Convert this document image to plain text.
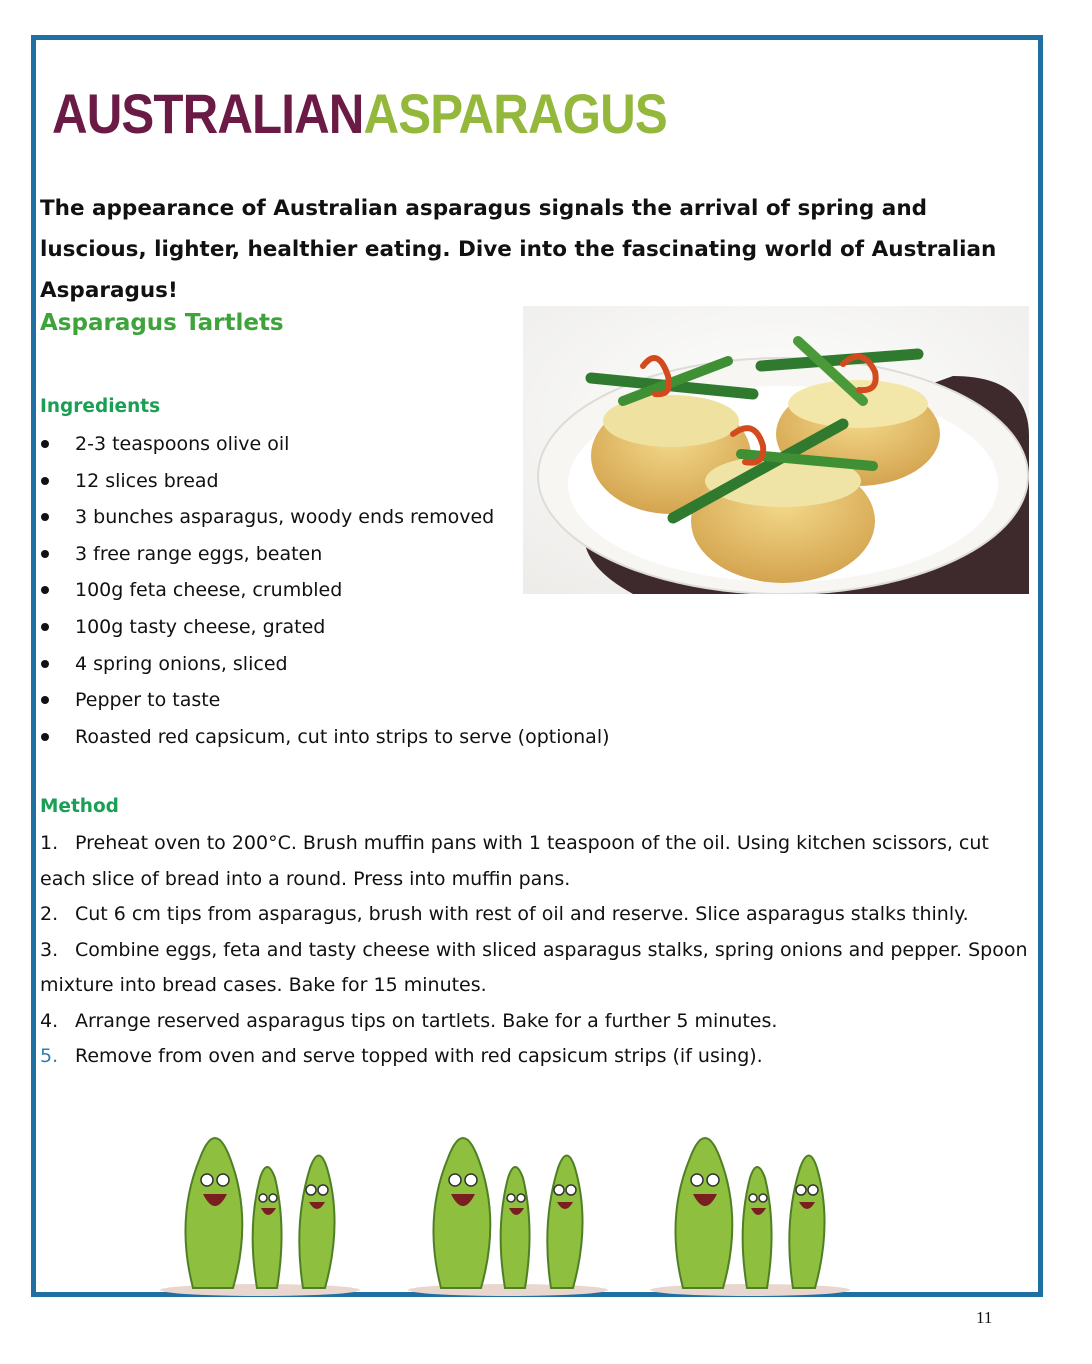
AUSTRALIANASPARAGUS
The appearance of Australian asparagus signals the arrival of spring and luscious, lighter, healthier eating. Dive into the fascinating world of Australian Asparagus!
Asparagus Tartlets
Ingredients
2-3 teaspoons olive oil
12 slices bread
3 bunches asparagus, woody ends removed
3 free range eggs, beaten
100g feta cheese, crumbled
100g tasty cheese, grated
4 spring onions, sliced
Pepper to taste
Roasted red capsicum, cut into strips to serve (optional)
Method
1. Preheat oven to 200°C. Brush muffin pans with 1 teaspoon of the oil. Using kitchen scissors, cut each slice of bread into a round. Press into muffin pans.
2. Cut 6 cm tips from asparagus, brush with rest of oil and reserve. Slice asparagus stalks thinly.
3. Combine eggs, feta and tasty cheese with sliced asparagus stalks, spring onions and pepper. Spoon mixture into bread cases. Bake for 15 minutes.
4. Arrange reserved asparagus tips on tartlets. Bake for a further 5 minutes.
5. Remove from oven and serve topped with red capsicum strips (if using).
11
